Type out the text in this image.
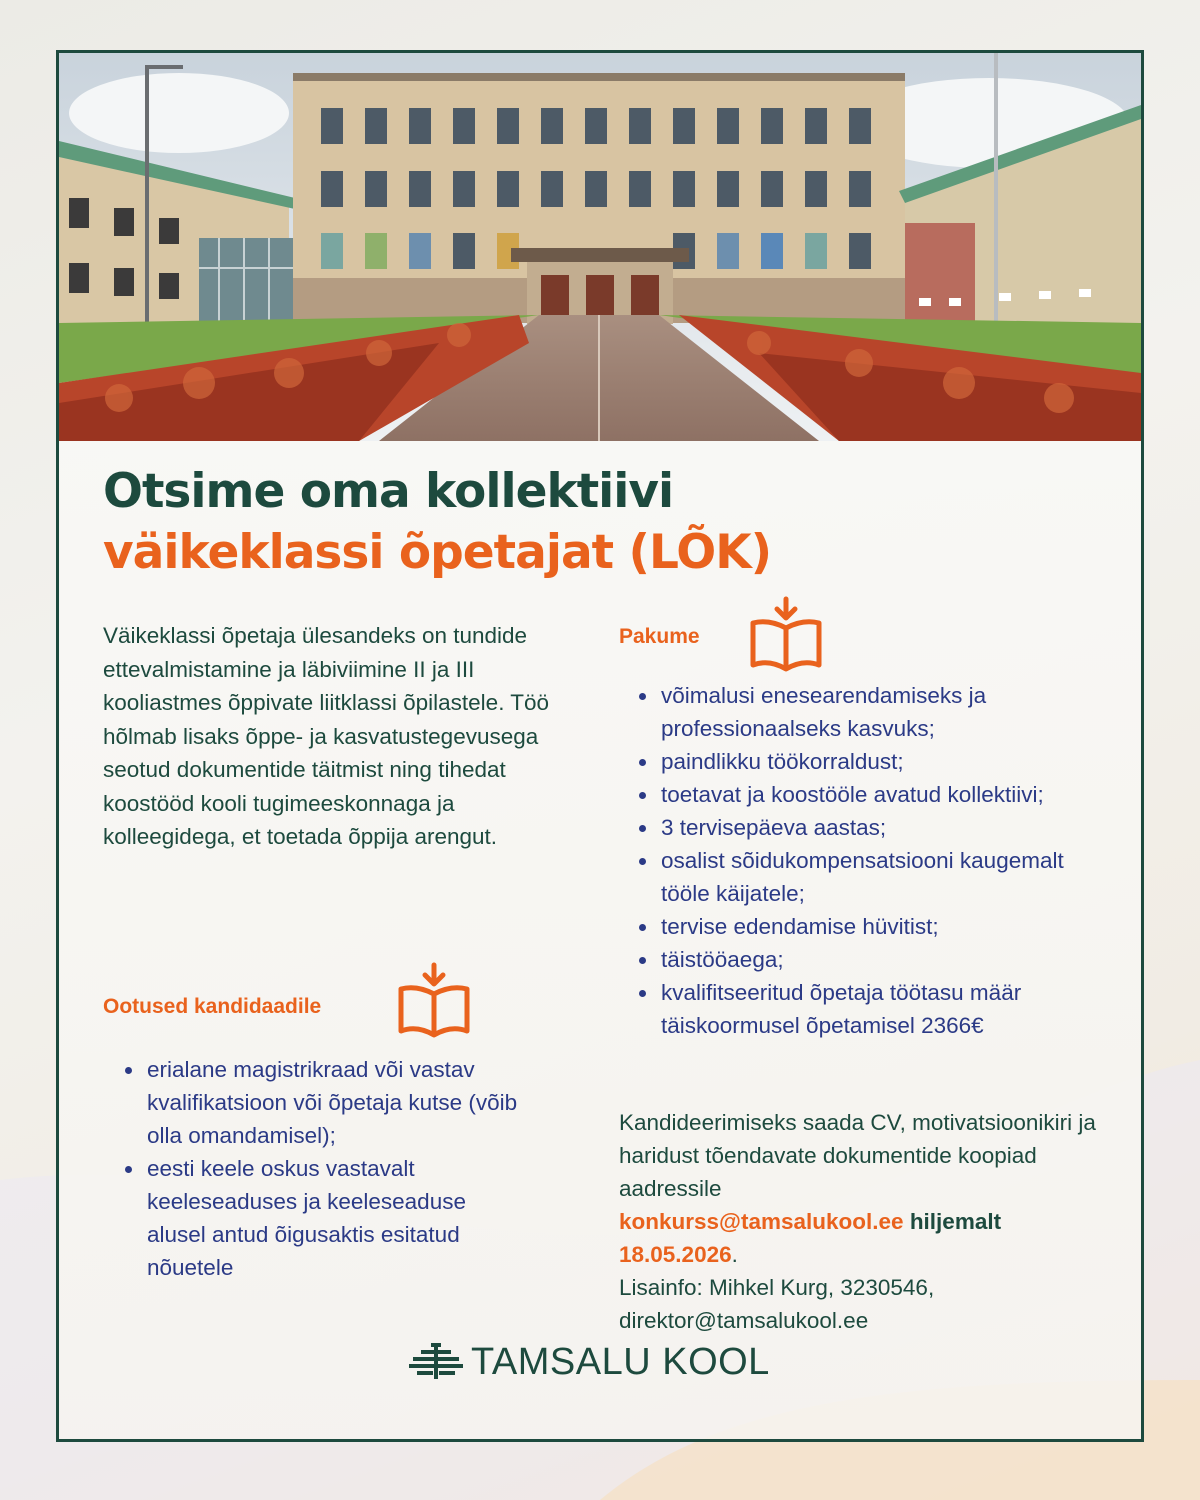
Otsime oma kollektiivi
väikeklassi õpetajat (LÕK)

Väikeklassi õpetaja ülesandeks on tundide ettevalmistamine ja läbiviimine II ja III kooliastmes õppivate liitklassi õpilastele. Töö hõlmab lisaks õppe- ja kasvatustegevusega seotud dokumentide täitmist ning tihedat koostööd kooli tugimeeskonnaga ja kolleegidega, et toetada õppija arengut.

Ootused kandidaadile
erialane magistrikraad või vastav kvalifikatsioon või õpetaja kutse (võib olla omandamisel);
eesti keele oskus vastavalt keeleseaduses ja keeleseaduse alusel antud õigusaktis esitatud nõuetele
Pakume
võimalusi enesearendamiseks ja professionaalseks kasvuks;
paindlikku töökorraldust;
toetavat ja koostööle avatud kollektiivi;
3 tervisepäeva aastas;
osalist sõidukompensatsiooni kaugemalt tööle käijatele;
tervise edendamise hüvitist;
täistööaega;
kvalifitseeritud õpetaja töötasu määr täiskoormusel õpetamisel 2366€

Kandideerimiseks saada CV, motivatsioonikiri ja haridust tõendavate dokumentide koopiad aadressile
konkurss@tamsalukool.ee hiljemalt
18.05.2026.
Lisainfo: Mihkel Kurg, 3230546,
direktor@tamsalukool.ee

TAMSALU KOOL
